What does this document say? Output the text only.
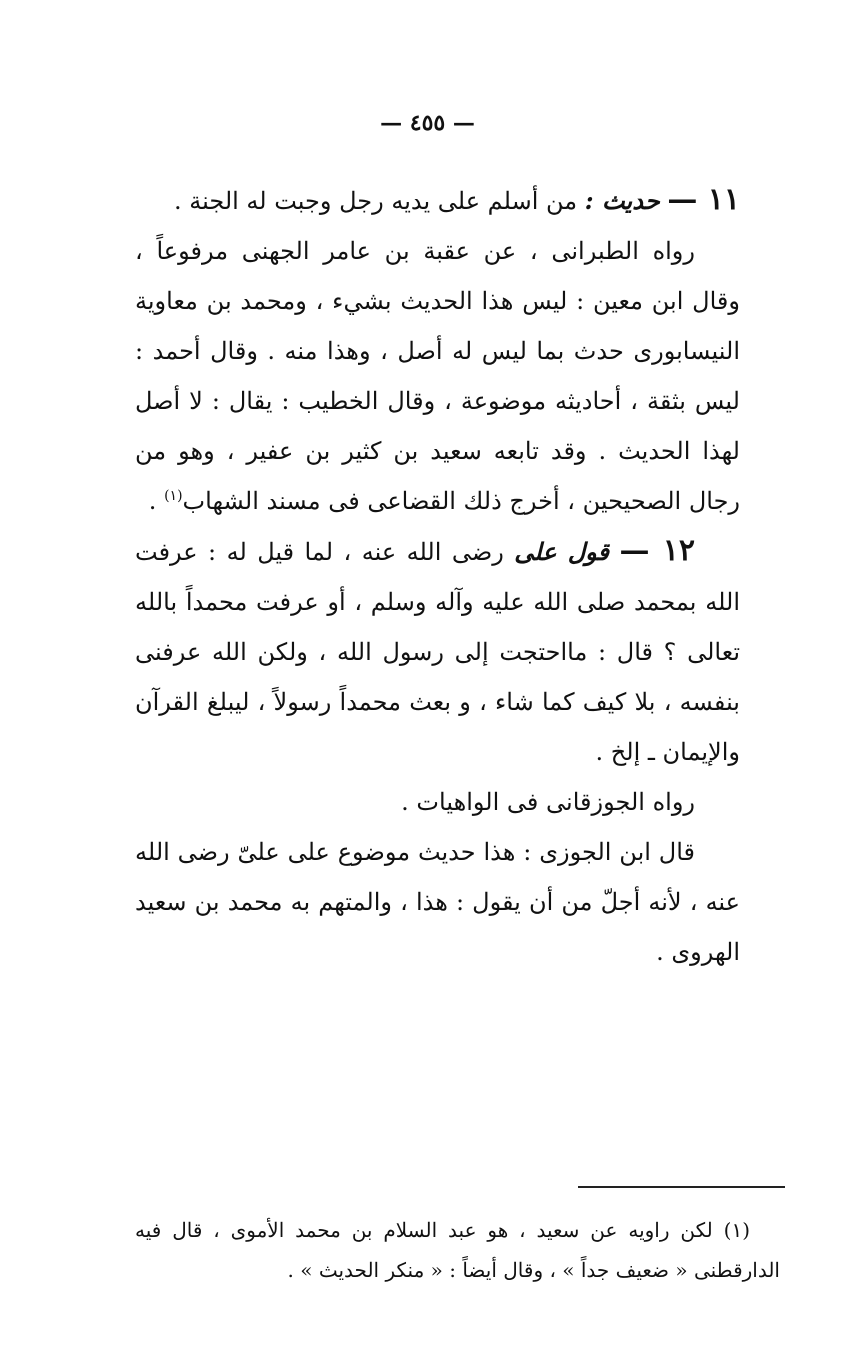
— ٤٥٥ —

١١ — حديث : من أسلم على يديه رجل وجبت له الجنة .

رواه الطبرانى ، عن عقبة بن عامر الجهنى مرفوعاً ، وقال ابن معين : ليس هذا الحديث بشيء ، ومحمد بن معاوية النيسابورى حدث بما ليس له أصل ، وهذا منه . وقال أحمد : ليس بثقة ، أحاديثه موضوعة ، وقال الخطيب : يقال : لا أصل لهذا الحديث . وقد تابعه سعيد بن كثير بن عفير ، وهو من رجال الصحيحين ، أخرج ذلك القضاعى فى مسند الشهاب$^{(١)}$ .

١٢ — قول على رضى الله عنه ، لما قيل له : عرفت الله بمحمد صلى الله عليه وآله وسلم ، أو عرفت محمداً بالله تعالى ؟ قال : مااحتجت إلى رسول الله ، ولكن الله عرفنى بنفسه ، بلا كيف كما شاء ، و بعث محمداً رسولاً ، ليبلغ القرآن والإيمان ـ إلخ .

رواه الجوزقانى فى الواهيات .

قال ابن الجوزى : هذا حديث موضوع على علىّ رضى الله عنه ، لأنه أجلّ من أن يقول : هذا ، والمتهم به محمد بن سعيد الهروى .

(١) لكن راويه عن سعيد ، هو عبد السلام بن محمد الأموى ، قال فيه الدارقطنى « ضعيف جداً » ، وقال أيضاً : « منكر الحديث » .
